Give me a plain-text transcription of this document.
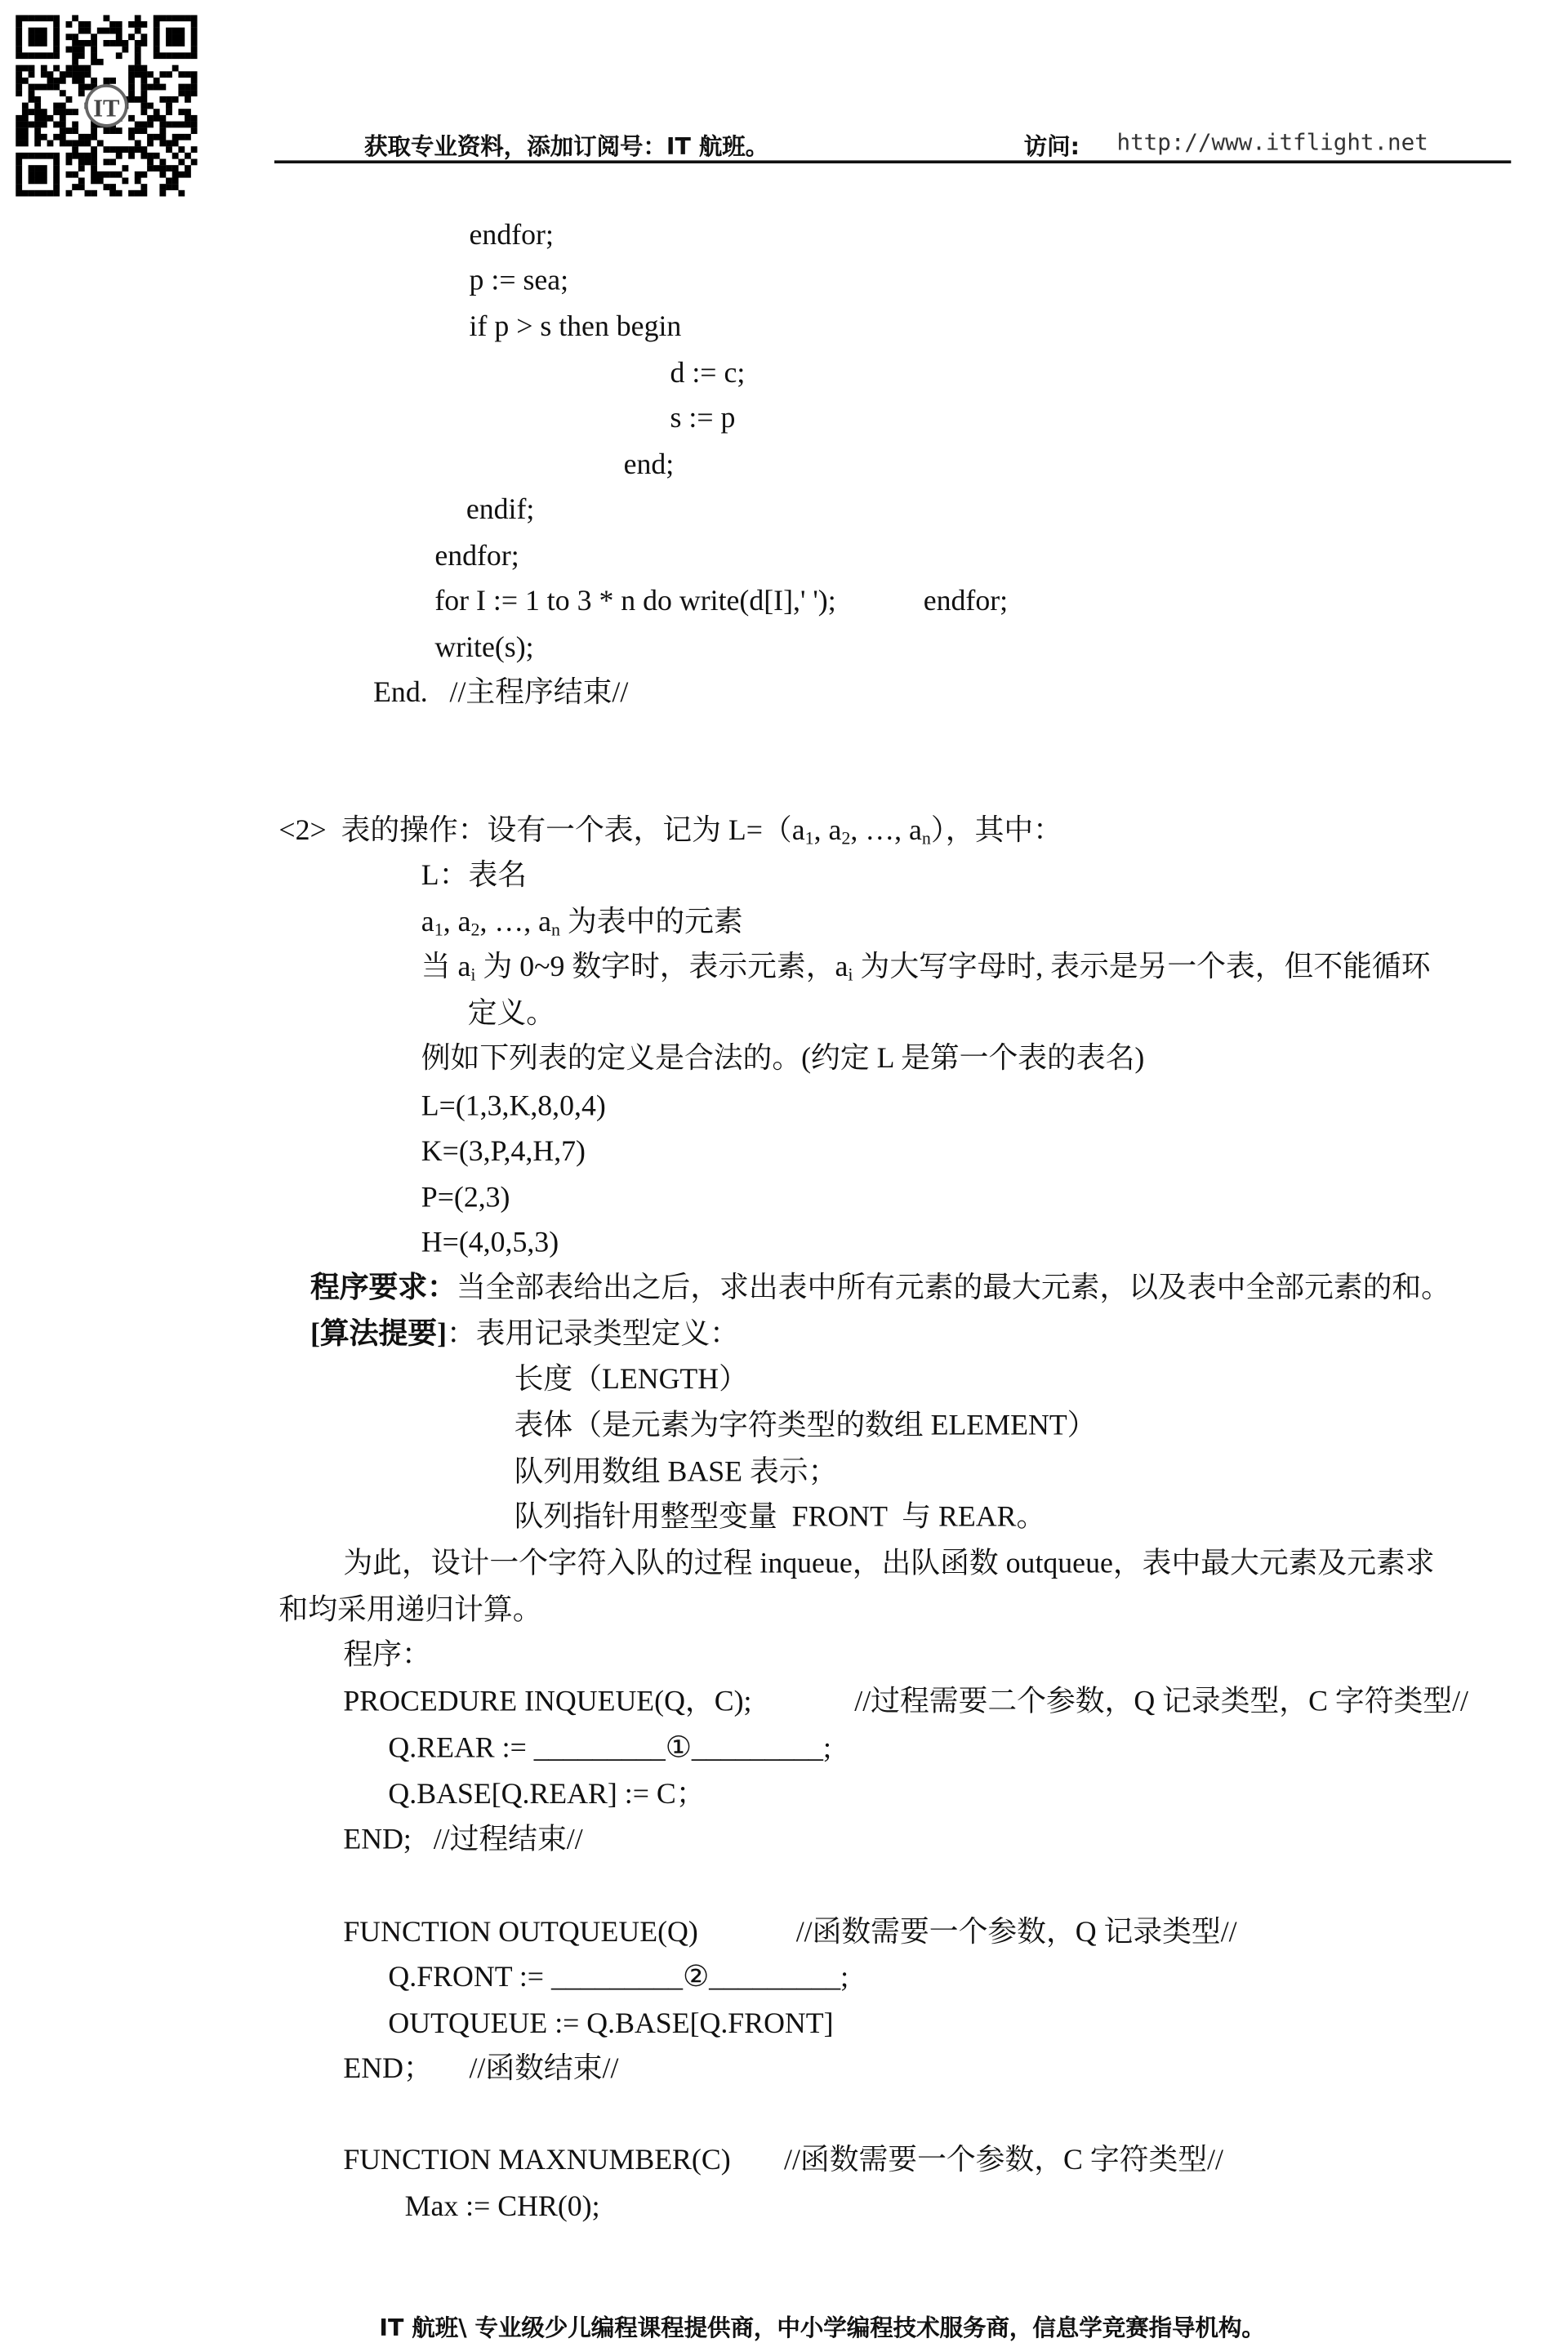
IT
获取专业资料，添加订阅号：IT 航班。	访问:	http://www.itflight.net
endfor;
p := sea;
if p > s then begin
d := c;
s := p
end;
endif;
endfor;
for I := 1 to 3 * n do write(d[I],' ');	endfor;
write(s);
End.   //主程序结束//
<2>  表的操作：设有一个表，记为 $L=(a_1$, $a_2$, …, $a_n$），其中：
L：表名
$a_1$, $a_2$, …, $a_n$ 为表中的元素
当 $a_i$ 为 0~9 数字时，表示元素，$a_i$ 为大写字母时, 表示是另一个表，但不能循环
定义。
例如下列表的定义是合法的。(约定 L 是第一个表的表名)
L=(1,3,K,8,0,4)
K=(3,P,4,H,7)
P=(2,3)
H=(4,0,5,3)
程序要求：当全部表给出之后，求出表中所有元素的最大元素，以及表中全部元素的和。
[算法提要]：表用记录类型定义：
长度（LENGTH）
表体（是元素为字符类型的数组 ELEMENT）
队列用数组 BASE 表示；
队列指针用整型变量  FRONT  与 REAR。
为此，设计一个字符入队的过程 inqueue，出队函数 outqueue，表中最大元素及元素求
和均采用递归计算。
程序：
PROCEDURE INQUEUE(Q，C);	//过程需要二个参数，Q 记录类型，C 字符类型//
Q.REAR := _________①_________;
Q.BASE[Q.REAR] := C；
END;   //过程结束//
FUNCTION OUTQUEUE(Q)	//函数需要一个参数，Q 记录类型//
Q.FRONT := _________②_________;
OUTQUEUE := Q.BASE[Q.FRONT]
END；     //函数结束//
FUNCTION MAXNUMBER(C)	//函数需要一个参数，C 字符类型//
Max := CHR(0);
IT 航班\ 专业级少儿编程课程提供商，中小学编程技术服务商，信息学竞赛指导机构。
